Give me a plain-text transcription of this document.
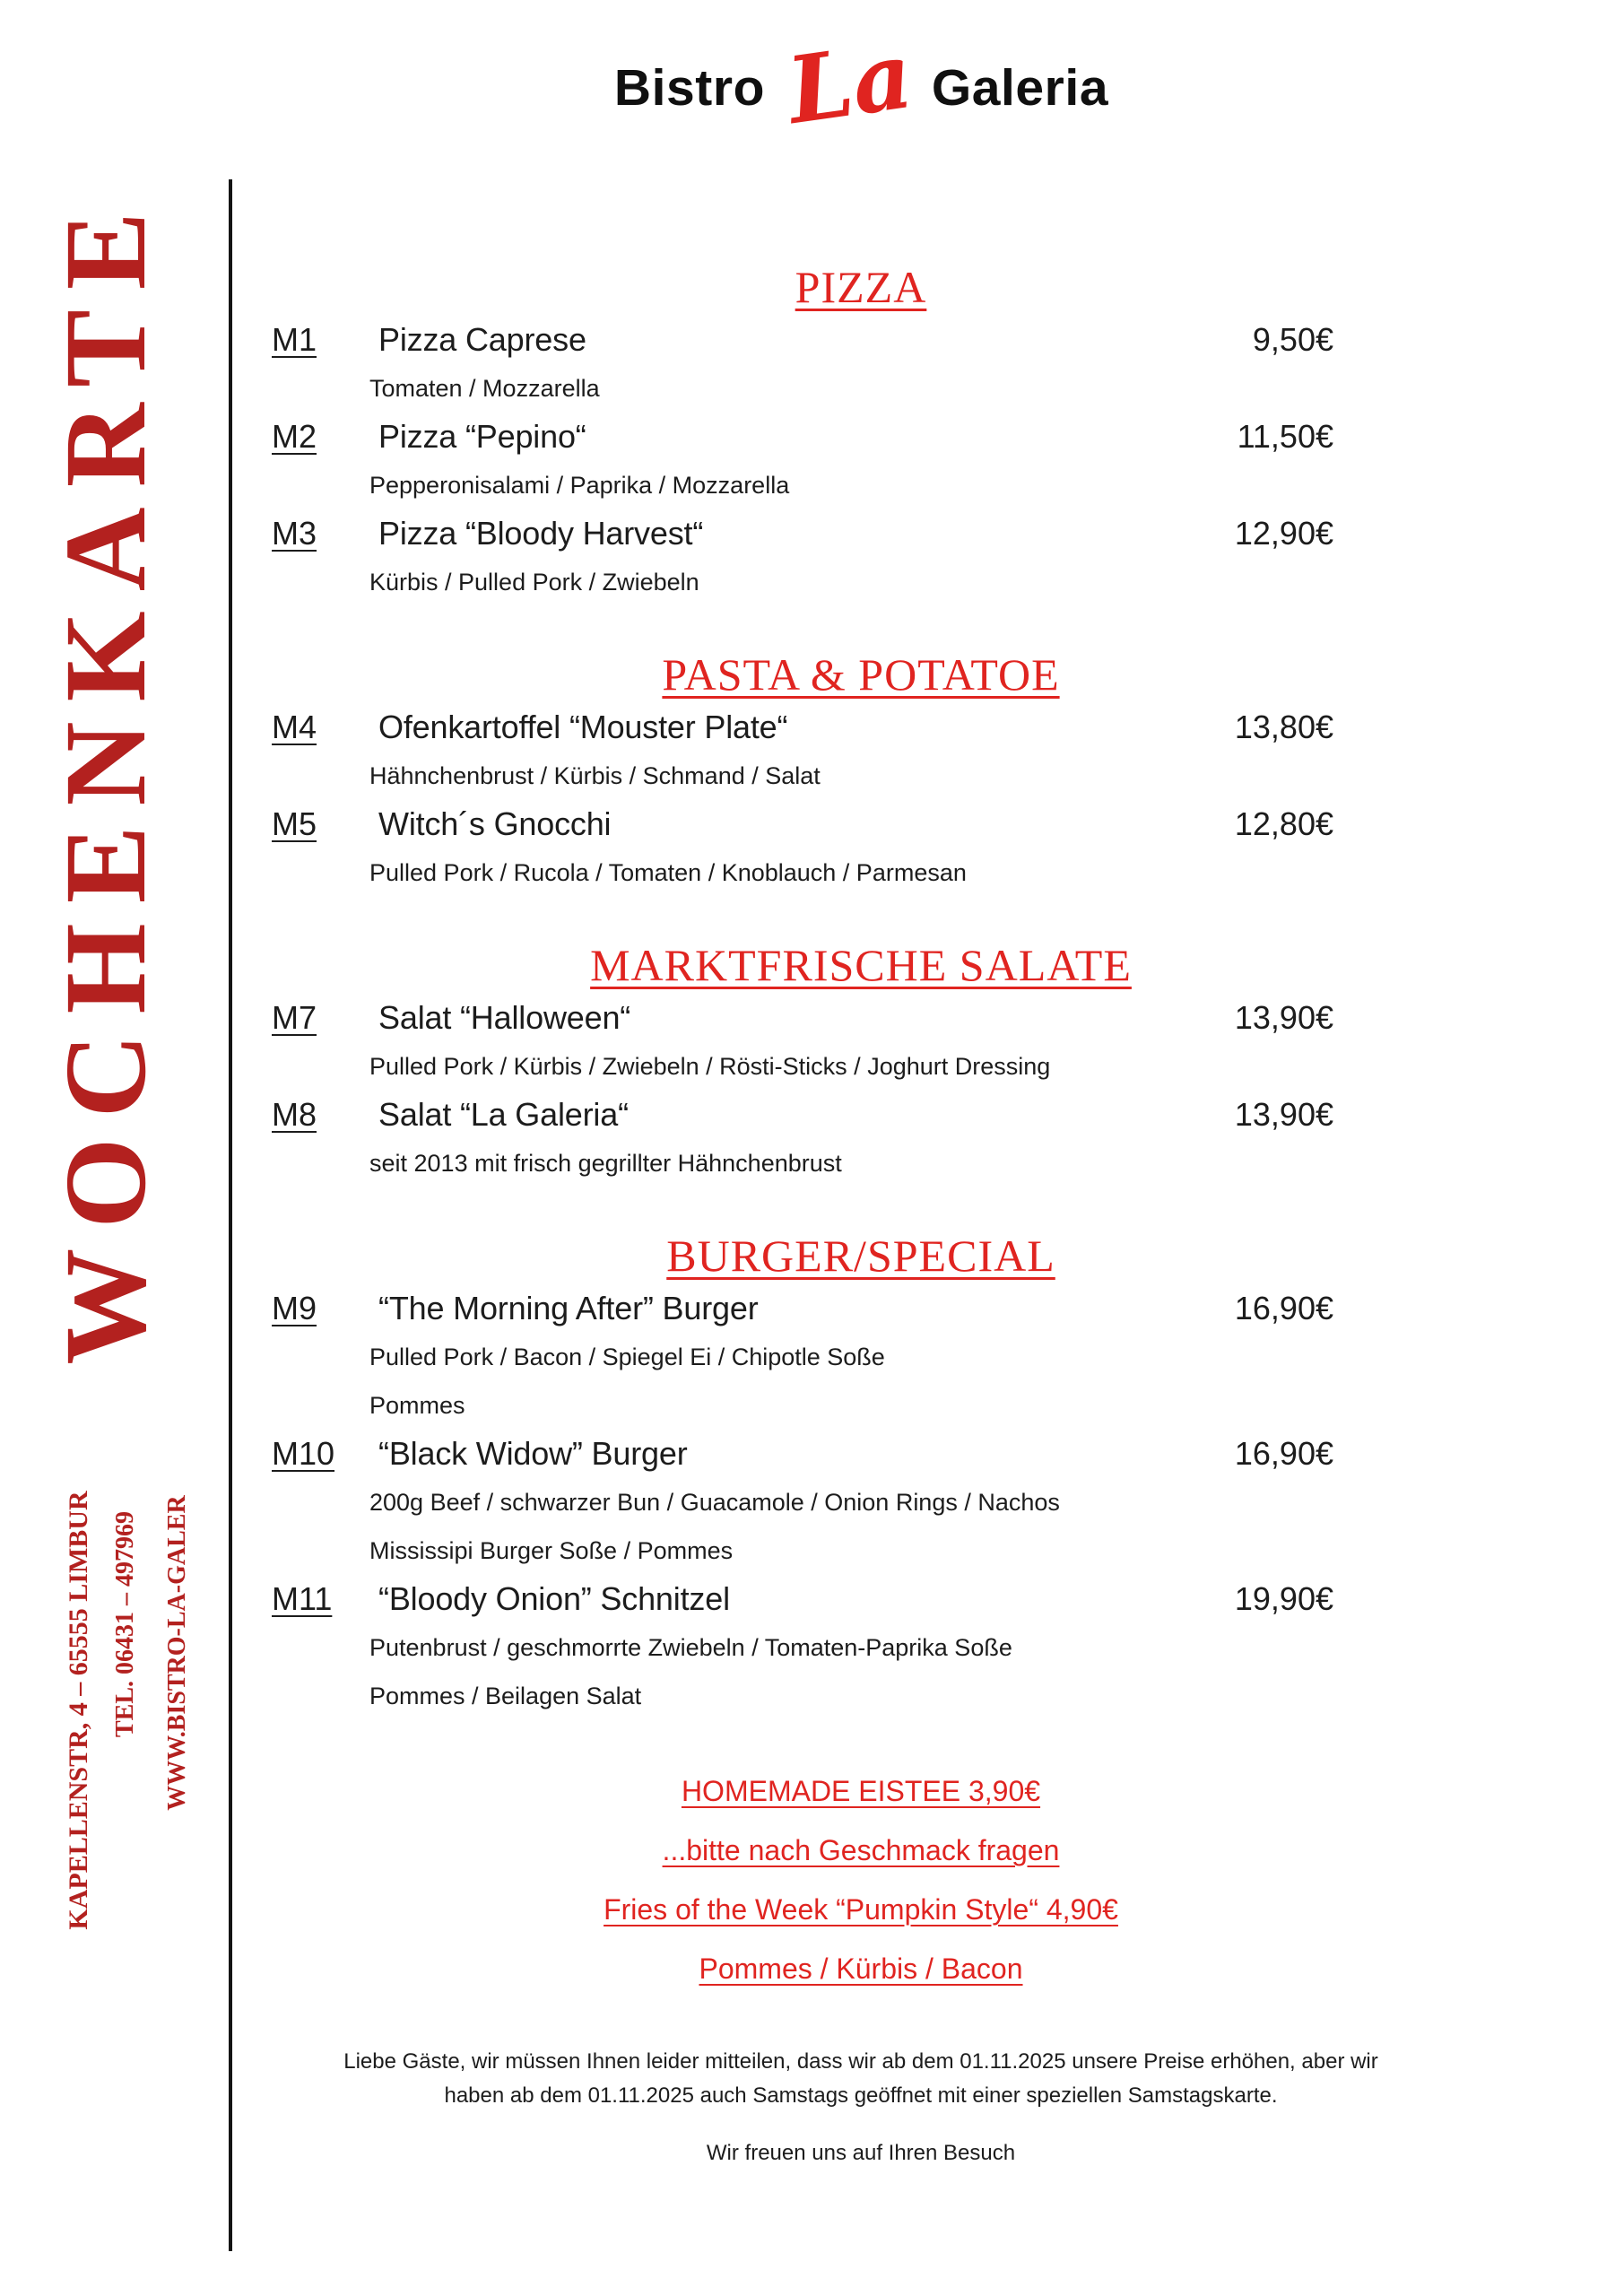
Bistro La Galeria
WOCHENKARTE
KAPELLENSTR, 4 – 65555 LIMBUR TEL. 06431 – 497969 WWW.BISTRO-LA-GALER
PIZZA
M1 Pizza Caprese	9,50€
Tomaten / Mozzarella
M2 Pizza “Pepino“	11,50€
Pepperonisalami / Paprika / Mozzarella
M3 Pizza “Bloody Harvest“	12,90€
Kürbis / Pulled Pork / Zwiebeln
PASTA & POTATOE
M4 Ofenkartoffel “Mouster Plate“	13,80€
Hähnchenbrust / Kürbis / Schmand / Salat
M5 Witch´s Gnocchi	12,80€
Pulled Pork / Rucola / Tomaten / Knoblauch / Parmesan
MARKTFRISCHE SALATE
M7 Salat “Halloween“	13,90€
Pulled Pork / Kürbis / Zwiebeln / Rösti-Sticks / Joghurt Dressing
M8 Salat “La Galeria“	13,90€
seit 2013 mit frisch gegrillter Hähnchenbrust
BURGER/SPECIAL
M9 “The Morning After” Burger	16,90€
Pulled Pork / Bacon / Spiegel Ei / Chipotle Soße
Pommes
M10 “Black Widow” Burger	16,90€
200g Beef / schwarzer Bun / Guacamole / Onion Rings / Nachos
Mississipi Burger Soße / Pommes
M11 “Bloody Onion” Schnitzel	19,90€
Putenbrust / geschmorrte Zwiebeln / Tomaten-Paprika Soße
Pommes / Beilagen Salat
HOMEMADE EISTEE 3,90€
...bitte nach Geschmack fragen
Fries of the Week “Pumpkin Style“ 4,90€
Pommes / Kürbis / Bacon
Liebe Gäste, wir müssen Ihnen leider mitteilen, dass wir ab dem 01.11.2025 unsere Preise erhöhen, aber wir
haben ab dem 01.11.2025 auch Samstags geöffnet mit einer speziellen Samstagskarte.
Wir freuen uns auf Ihren Besuch
